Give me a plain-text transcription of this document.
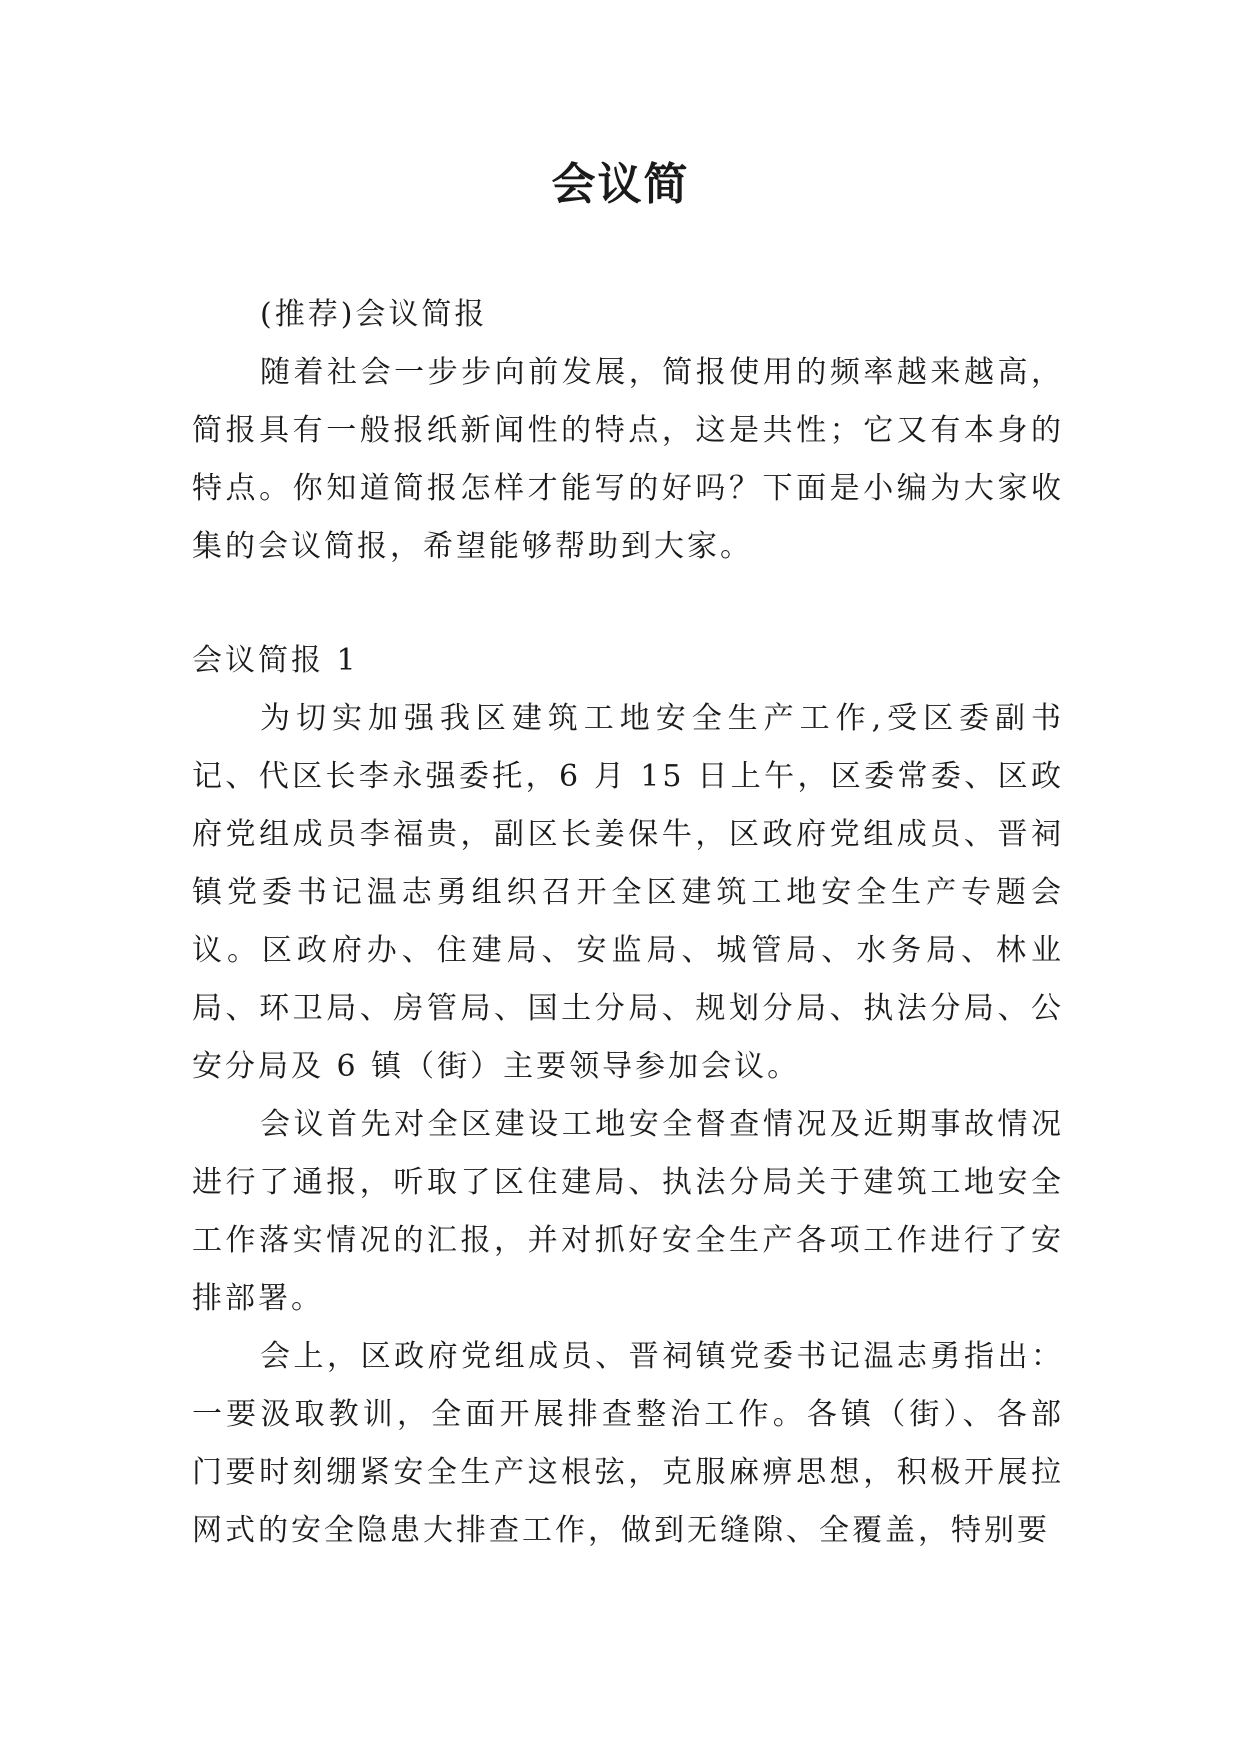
会议简

(推荐)会议简报

随着社会一步步向前发展，简报使用的频率越来越高，简报具有一般报纸新闻性的特点，这是共性；它又有本身的特点。你知道简报怎样才能写的好吗？下面是小编为大家收集的会议简报，希望能够帮助到大家。

会议简报 1

为切实加强我区建筑工地安全生产工作,受区委副书记、代区长李永强委托，6 月 15 日上午，区委常委、区政府党组成员李福贵，副区长姜保牛，区政府党组成员、晋祠镇党委书记温志勇组织召开全区建筑工地安全生产专题会议。区政府办、住建局、安监局、城管局、水务局、林业局、环卫局、房管局、国土分局、规划分局、执法分局、公安分局及 6 镇（街）主要领导参加会议。

会议首先对全区建设工地安全督查情况及近期事故情况进行了通报，听取了区住建局、执法分局关于建筑工地安全工作落实情况的汇报，并对抓好安全生产各项工作进行了安排部署。

会上，区政府党组成员、晋祠镇党委书记温志勇指出：一要汲取教训，全面开展排查整治工作。各镇（街）、各部门要时刻绷紧安全生产这根弦，克服麻痹思想，积极开展拉网式的安全隐患大排查工作，做到无缝隙、全覆盖，特别要
